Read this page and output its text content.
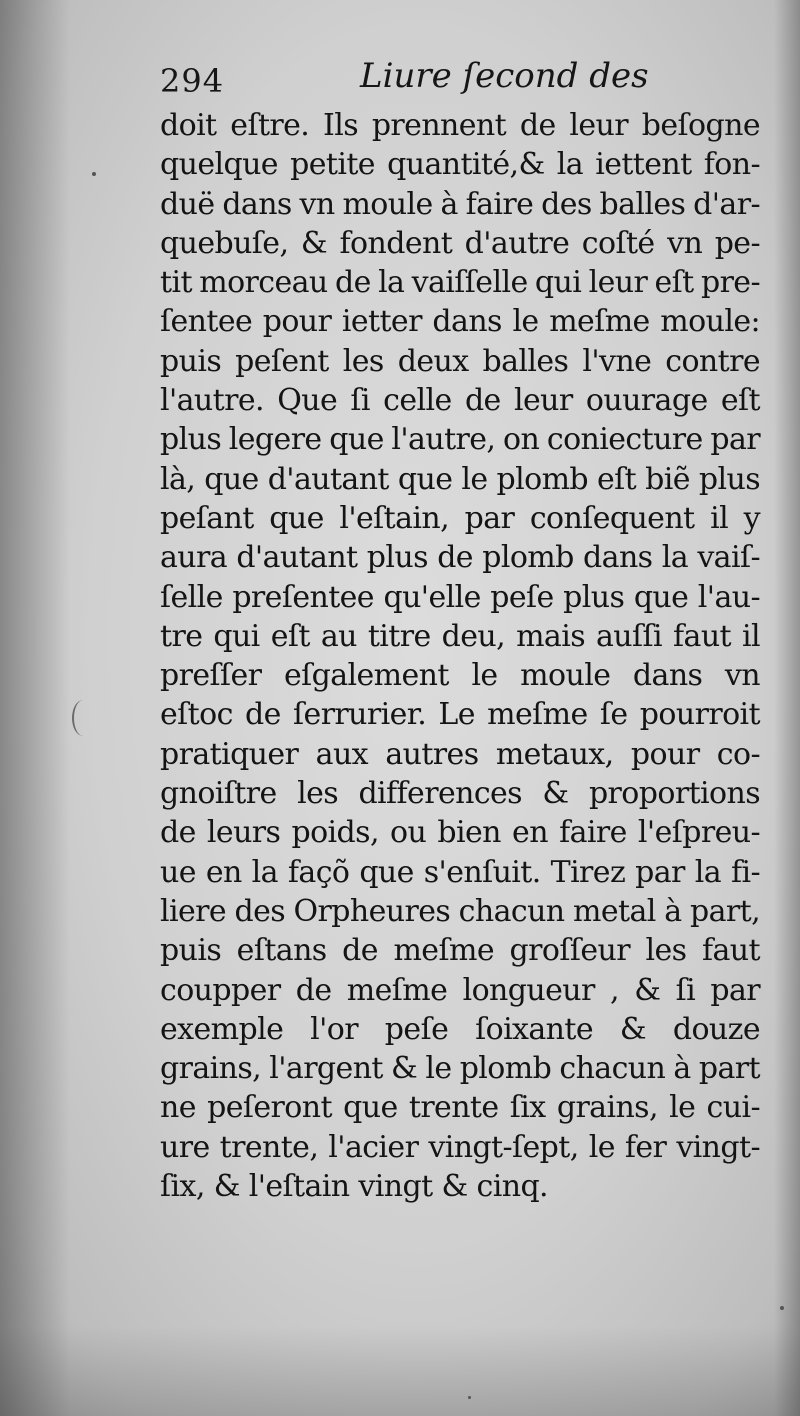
294	Liure ſecond des
doit eſtre. Ils prennent de leur beſogne
quelque petite quantité,& la iettent fon-
duë dans vn moule à faire des balles d'ar-
quebuſe, & fondent d'autre coſté vn pe-
tit morceau de la vaiſſelle qui leur eſt pre-
ſentee pour ietter dans le meſme moule:
puis peſent les deux balles l'vne contre
l'autre. Que ſi celle de leur ouurage eſt
plus legere que l'autre, on coniecture par
là, que d'autant que le plomb eſt biẽ plus
peſant que l'eſtain, par conſequent il y
aura d'autant plus de plomb dans la vaiſ-
ſelle preſentee qu'elle peſe plus que l'au-
tre qui eſt au titre deu, mais auſſi faut il
preſſer eſgalement le moule dans vn
eſtoc de ſerrurier. Le meſme ſe pourroit
pratiquer aux autres metaux, pour co-
gnoiſtre les differences & proportions
de leurs poids, ou bien en faire l'eſpreu-
ue en la façõ que s'enſuit. Tirez par la fi-
liere des Orpheures chacun metal à part,
puis eſtans de meſme groſſeur les faut
coupper de meſme longueur , & ſi par
exemple l'or peſe ſoixante & douze
grains, l'argent & le plomb chacun à part
ne peſeront que trente ſix grains, le cui-
ure trente, l'acier vingt-ſept, le fer vingt-
ſix, & l'eſtain vingt & cinq.
